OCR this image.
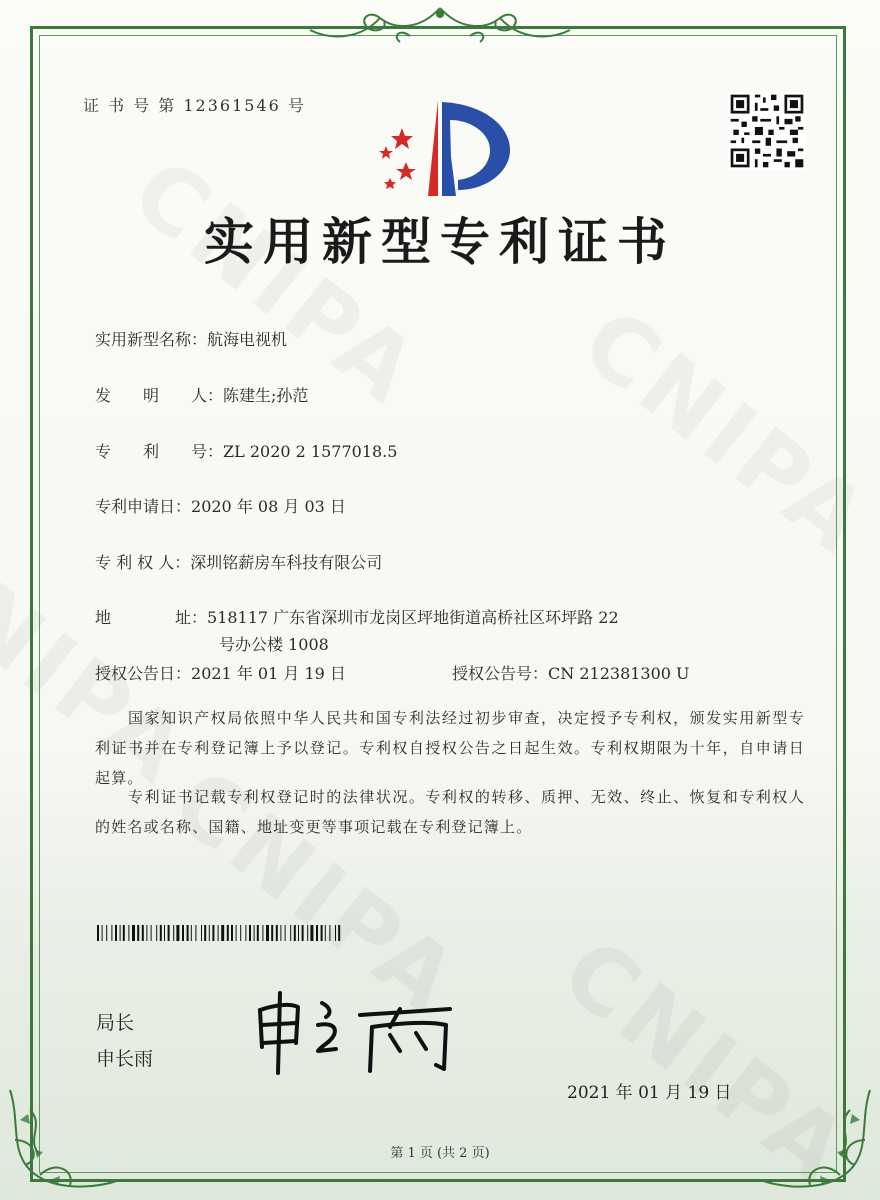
证 书 号 第 12361546 号
实用新型专利证书
实用新型名称：航海电视机
发　　明　　人：陈建生;孙范
专　　利　　号：ZL 2020 2 1577018.5
专利申请日：2020 年 08 月 03 日
专 利 权 人：深圳铭薪房车科技有限公司
地　　　　址：518117 广东省深圳市龙岗区坪地街道高桥社区环坪路 22
号办公楼 1008
授权公告日：2021 年 01 月 19 日	授权公告号：CN 212381300 U
　　国家知识产权局依照中华人民共和国专利法经过初步审查，决定授予专利权，颁发实用新型专利证书并在专利登记簿上予以登记。专利权自授权公告之日起生效。专利权期限为十年，自申请日起算。
　　专利证书记载专利权登记时的法律状况。专利权的转移、质押、无效、终止、恢复和专利权人的姓名或名称、国籍、地址变更等事项记载在专利登记簿上。
局长
申长雨
2021 年 01 月 19 日
第 1 页 (共 2 页)
